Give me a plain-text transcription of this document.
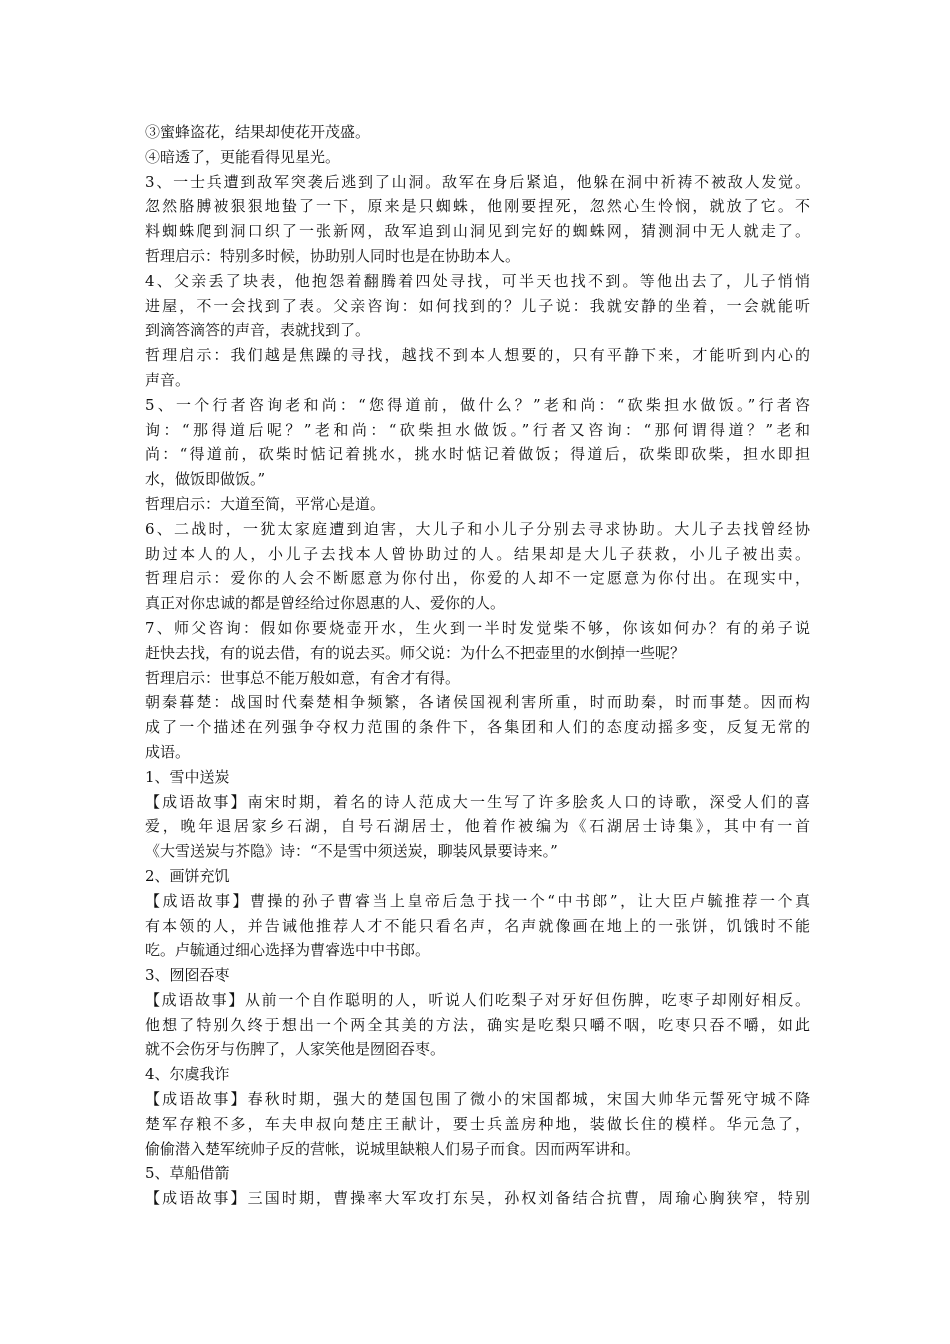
③蜜蜂盗花，结果却使花开茂盛。
④暗透了，更能看得见星光。
3、一士兵遭到敌军突袭后逃到了山洞。敌军在身后紧追，他躲在洞中祈祷不被敌人发觉。
忽然胳膊被狠狠地蛰了一下，原来是只蜘蛛，他刚要捏死，忽然心生怜悯，就放了它。不
料蜘蛛爬到洞口织了一张新网，敌军追到山洞见到完好的蜘蛛网，猜测洞中无人就走了。
哲理启示：特别多时候，协助别人同时也是在协助本人。
4、父亲丢了块表，他抱怨着翻腾着四处寻找，可半天也找不到。等他出去了，儿子悄悄
进屋，不一会找到了表。父亲咨询：如何找到的？儿子说：我就安静的坐着，一会就能听
到滴答滴答的声音，表就找到了。
哲理启示：我们越是焦躁的寻找，越找不到本人想要的，只有平静下来，才能听到内心的
声音。
5、一个行者咨询老和尚：“您得道前，做什么？”老和尚：“砍柴担水做饭。”行者咨
询：“那得道后呢？”老和尚：“砍柴担水做饭。”行者又咨询：“那何谓得道？”老和
尚：“得道前，砍柴时惦记着挑水，挑水时惦记着做饭；得道后，砍柴即砍柴，担水即担
水，做饭即做饭。”
哲理启示：大道至简，平常心是道。
6、二战时，一犹太家庭遭到迫害，大儿子和小儿子分别去寻求协助。大儿子去找曾经协
助过本人的人，小儿子去找本人曾协助过的人。结果却是大儿子获救，小儿子被出卖。
哲理启示：爱你的人会不断愿意为你付出，你爱的人却不一定愿意为你付出。在现实中，
真正对你忠诚的都是曾经给过你恩惠的人、爱你的人。
7、师父咨询：假如你要烧壶开水，生火到一半时发觉柴不够，你该如何办？有的弟子说
赶快去找，有的说去借，有的说去买。师父说：为什么不把壶里的水倒掉一些呢？
哲理启示：世事总不能万般如意，有舍才有得。
朝秦暮楚：战国时代秦楚相争频繁，各诸侯国视利害所重，时而助秦，时而事楚。因而构
成了一个描述在列强争夺权力范围的条件下，各集团和人们的态度动摇多变，反复无常的
成语。
1、雪中送炭
【成语故事】南宋时期，着名的诗人范成大一生写了许多脍炙人口的诗歌，深受人们的喜
爱，晚年退居家乡石湖，自号石湖居士，他着作被编为《石湖居士诗集》，其中有一首
《大雪送炭与芥隐》诗：“不是雪中须送炭，聊装风景要诗来。”
2、画饼充饥
【成语故事】曹操的孙子曹睿当上皇帝后急于找一个“中书郎”，让大臣卢毓推荐一个真
有本领的人，并告诫他推荐人才不能只看名声，名声就像画在地上的一张饼，饥饿时不能
吃。卢毓通过细心选择为曹睿选中中书郎。
3、囫囵吞枣
【成语故事】从前一个自作聪明的人，听说人们吃梨子对牙好但伤脾，吃枣子却刚好相反。
他想了特别久终于想出一个两全其美的方法，确实是吃梨只嚼不咽，吃枣只吞不嚼，如此
就不会伤牙与伤脾了，人家笑他是囫囵吞枣。
4、尔虞我诈
【成语故事】春秋时期，强大的楚国包围了微小的宋国都城，宋国大帅华元誓死守城不降
楚军存粮不多，车夫申叔向楚庄王献计，要士兵盖房种地，装做长住的模样。华元急了，
偷偷潜入楚军统帅子反的营帐，说城里缺粮人们易子而食。因而两军讲和。
5、草船借箭
【成语故事】三国时期，曹操率大军攻打东吴，孙权刘备结合抗曹，周瑜心胸狭窄，特别
